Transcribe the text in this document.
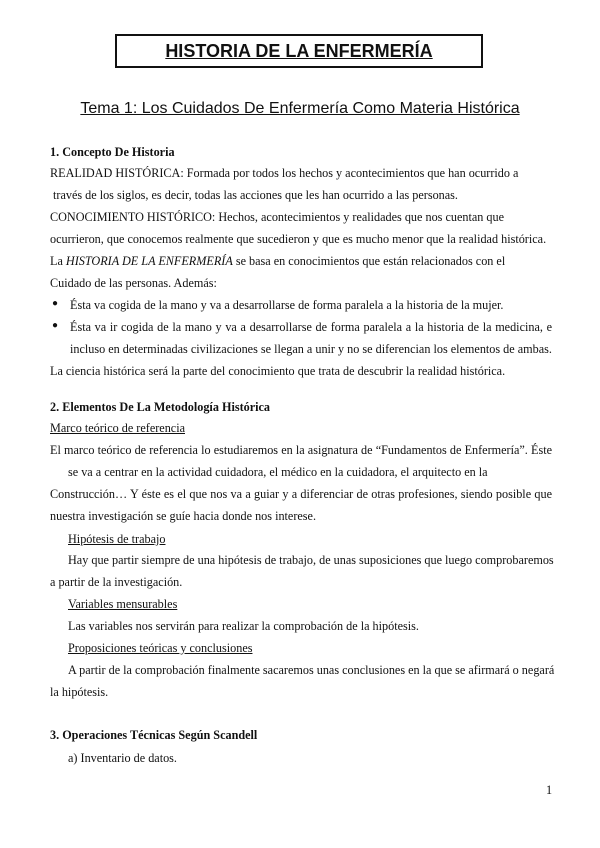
HISTORIA DE LA ENFERMERÍA
Tema 1: Los Cuidados De Enfermería Como Materia Histórica
1. Concepto De Historia
REALIDAD HISTÓRICA: Formada por todos los hechos y acontecimientos que han ocurrido a
través de los siglos, es decir, todas las acciones que les han ocurrido a las personas.
CONOCIMIENTO HISTÓRICO: Hechos, acontecimientos y realidades que nos cuentan que
ocurrieron, que conocemos realmente que sucedieron y que es mucho menor que la realidad histórica.
La HISTORIA DE LA ENFERMERÍA se basa en conocimientos que están relacionados con el
Cuidado de las personas. Además:
● Ésta va cogida de la mano y va a desarrollarse de forma paralela a la historia de la mujer.
● Ésta va ir cogida de la mano y va a desarrollarse de forma paralela a la historia de la medicina, e
incluso en determinadas civilizaciones se llegan a unir y no se diferencian los elementos de ambas.
La ciencia histórica será la parte del conocimiento que trata de descubrir la realidad histórica.
2. Elementos De La Metodología Histórica
Marco teórico de referencia
El marco teórico de referencia lo estudiaremos en la asignatura de “Fundamentos de Enfermería”. Éste
se va a centrar en la actividad cuidadora, el médico en la cuidadora, el arquitecto en la
Construcción… Y éste es el que nos va a guiar y a diferenciar de otras profesiones, siendo posible que
nuestra investigación se guíe hacia donde nos interese.
Hipótesis de trabajo
Hay que partir siempre de una hipótesis de trabajo, de unas suposiciones que luego comprobaremos
a partir de la investigación.
Variables mensurables
Las variables nos servirán para realizar la comprobación de la hipótesis.
Proposiciones teóricas y conclusiones
A partir de la comprobación finalmente sacaremos unas conclusiones en la que se afirmará o negará
la hipótesis.
3. Operaciones Técnicas Según Scandell
a) Inventario de datos.
1
